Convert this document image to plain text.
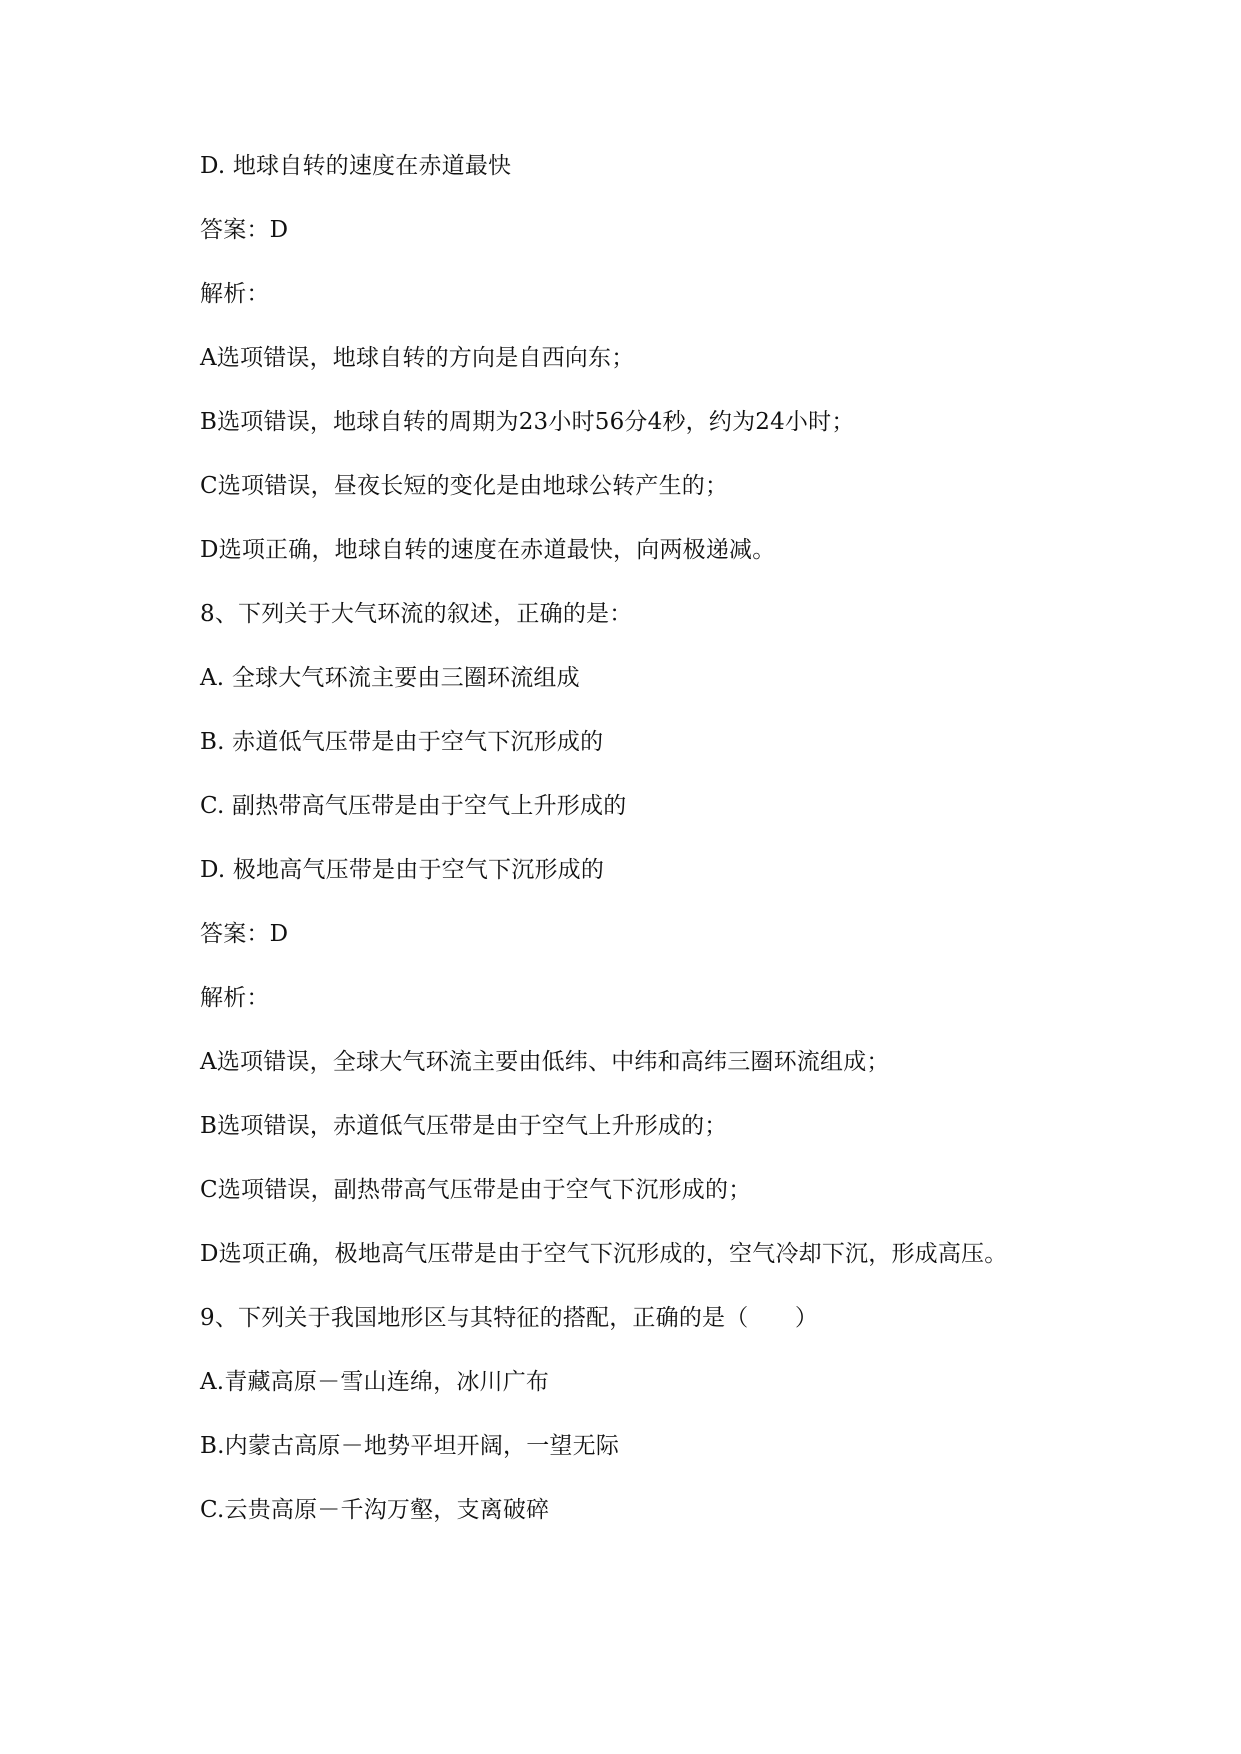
D. 地球自转的速度在赤道最快
答案：D
解析：
A选项错误，地球自转的方向是自西向东；
B选项错误，地球自转的周期为23小时56分4秒，约为24小时；
C选项错误，昼夜长短的变化是由地球公转产生的；
D选项正确，地球自转的速度在赤道最快，向两极递减。
8、下列关于大气环流的叙述，正确的是：
A. 全球大气环流主要由三圈环流组成
B. 赤道低气压带是由于空气下沉形成的
C. 副热带高气压带是由于空气上升形成的
D. 极地高气压带是由于空气下沉形成的
答案：D
解析：
A选项错误，全球大气环流主要由低纬、中纬和高纬三圈环流组成；
B选项错误，赤道低气压带是由于空气上升形成的；
C选项错误，副热带高气压带是由于空气下沉形成的；
D选项正确，极地高气压带是由于空气下沉形成的，空气冷却下沉，形成高压。
9、下列关于我国地形区与其特征的搭配，正确的是（　　）
A.青藏高原－雪山连绵，冰川广布
B.内蒙古高原－地势平坦开阔，一望无际
C.云贵高原－千沟万壑，支离破碎
